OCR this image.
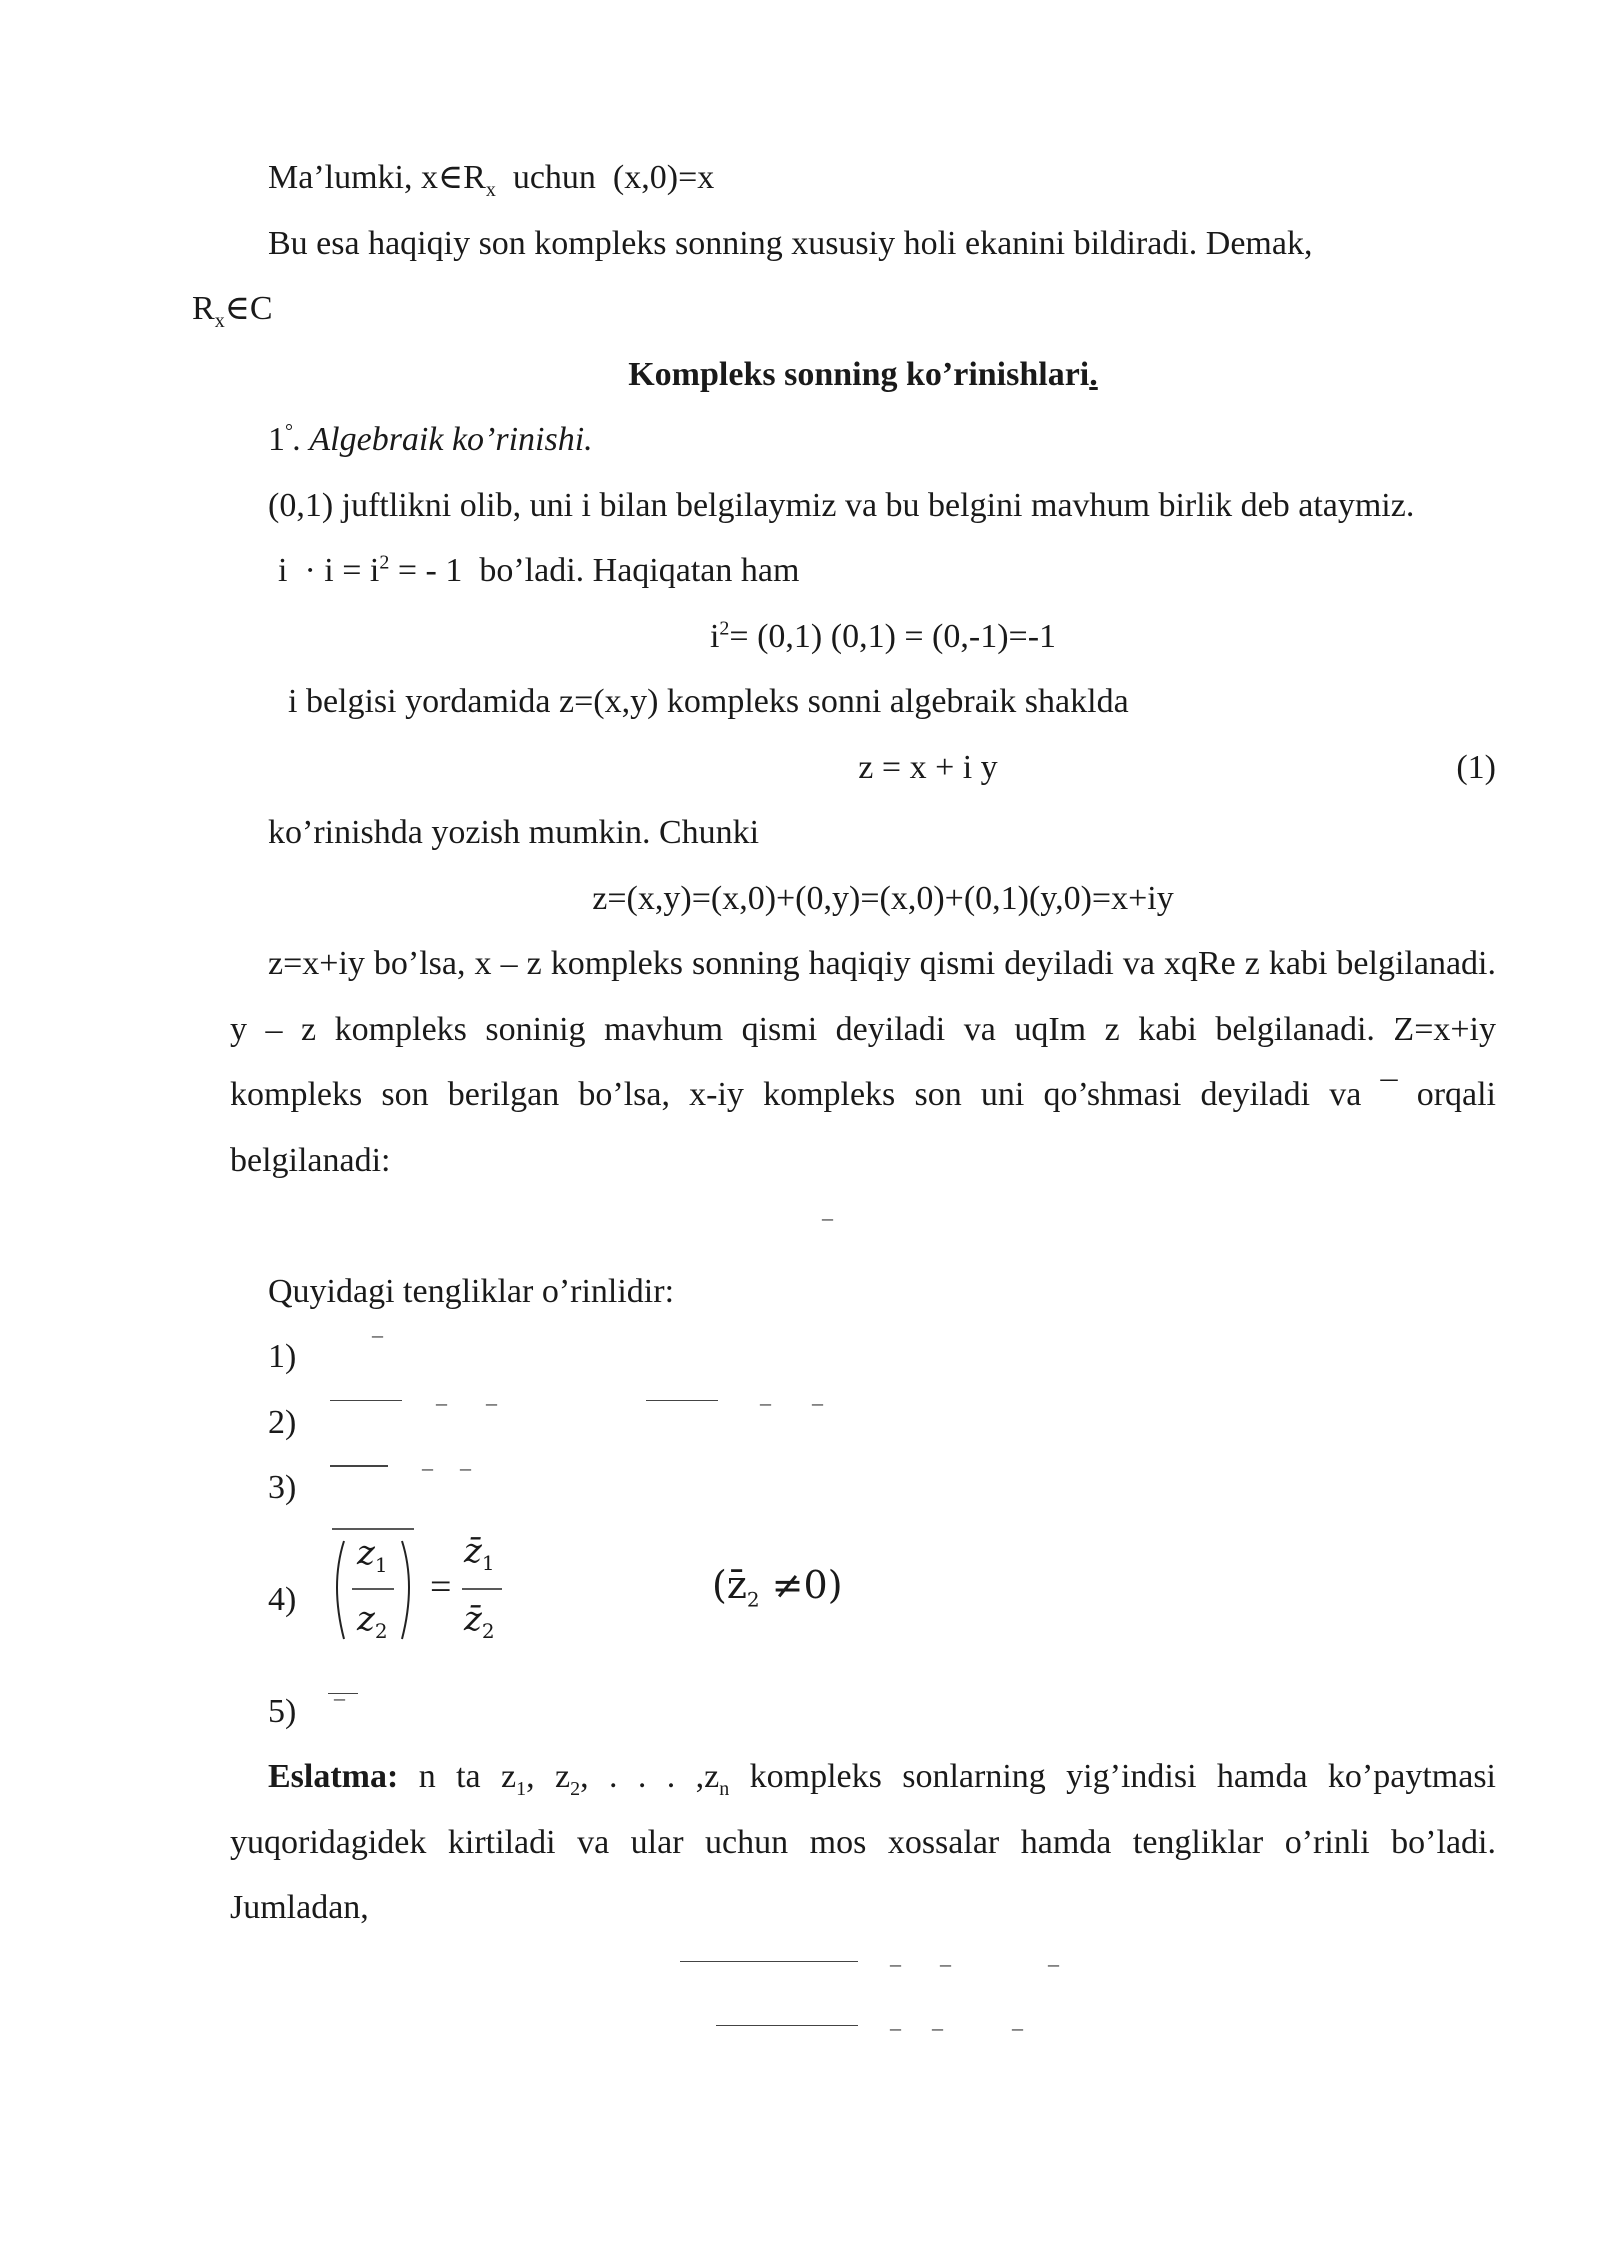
Ma’lumki, $x\in R_x$  uchun  (x,0)=x

Bu esa haqiqiy son kompleks sonning xususiy holi ekanini bildiradi. Demak,
$R_x\in C$

Kompleks sonning ko’rinishlari.

1°. Algebraik ko’rinishi.

(0,1) juftlikni olib, uni i bilan belgilaymiz va bu belgini mavhum birlik deb ataymiz.

$i \cdot i = i^2$ = - 1  bo’ladi. Haqiqatan ham

$i^2= (0,1) (0,1) = (0,-1)=-1$

i belgisi yordamida z=(x,y) kompleks sonni algebraik shaklda

z = x + i y	(1)

ko’rinishda yozish mumkin. Chunki

z=(x,y)=(x,0)+(0,y)=(x,0)+(0,1)(y,0)=x+iy

z=x+iy bo’lsa, x – z kompleks sonning haqiqiy qismi deyiladi va xqRe z kabi belgilanadi. y – z kompleks soninig mavhum qismi deyiladi va uqIm z kabi belgilanadi. Z=x+iy kompleks son berilgan bo’lsa, x-iy kompleks son uni qo’shmasi deyiladi va ¯ orqali belgilanadi:

–

Quyidagi tengliklar o’rinlidir:

1)
–
2)
– –	– –
3)
– –
4)
$z_1$
$z_2$
=
$z̄_1$
$z̄_2$
$(z̄_2 \ne 0)$
5) –

Eslatma: n ta $z_1$, $z_2$, . . . $,z_n$ kompleks sonlarning yig’indisi hamda ko’paytmasi yuqoridagidek kirtiladi va ular uchun mos xossalar hamda tengliklar o’rinli bo’ladi. Jumladan,

– –	–
– –	–
